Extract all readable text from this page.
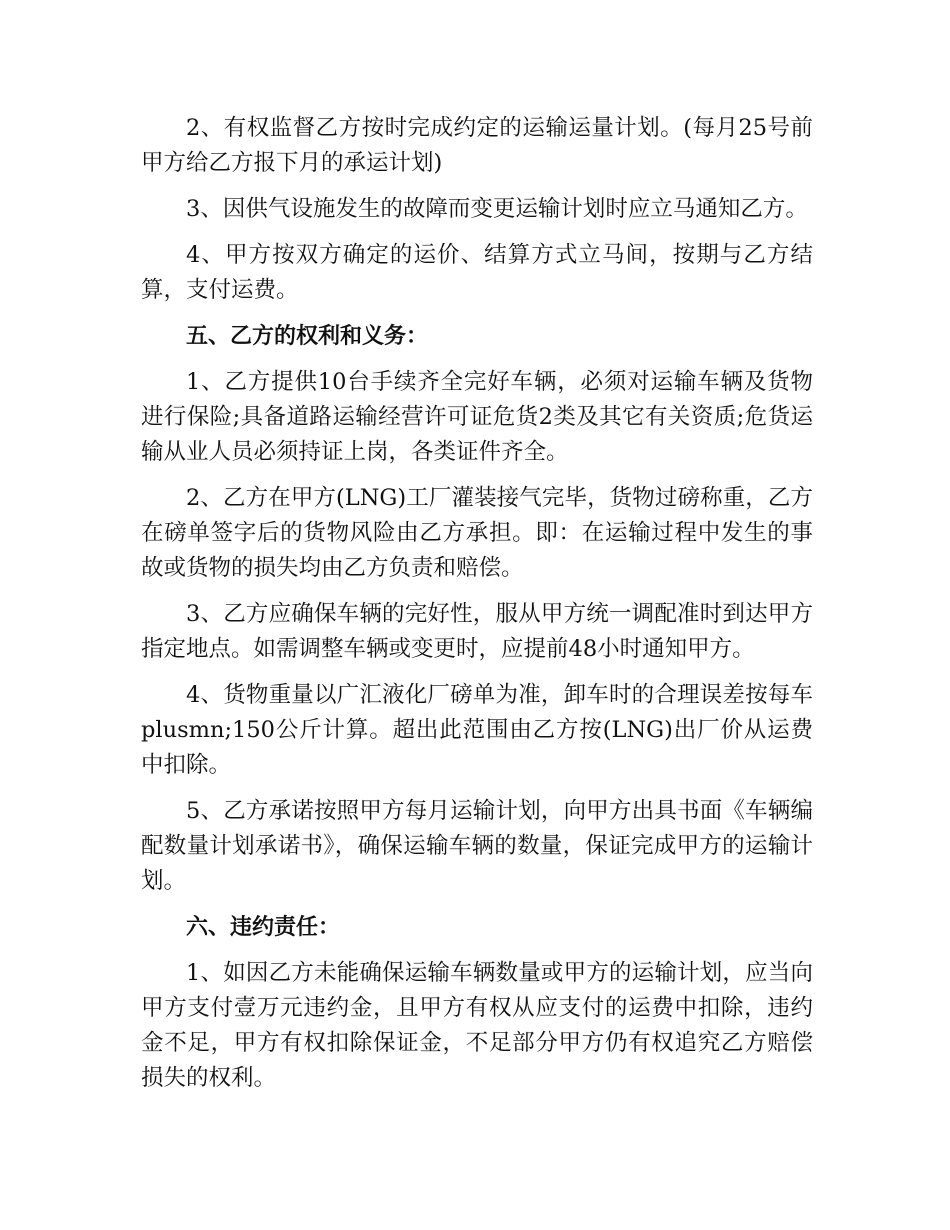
2、有权监督乙方按时完成约定的运输运量计划。(每月25号前甲方给乙方报下月的承运计划)

3、因供气设施发生的故障而变更运输计划时应立马通知乙方。

4、甲方按双方确定的运价、结算方式立马间，按期与乙方结算，支付运费。

五、乙方的权利和义务：

1、乙方提供10台手续齐全完好车辆，必须对运输车辆及货物进行保险;具备道路运输经营许可证危货2类及其它有关资质;危货运输从业人员必须持证上岗，各类证件齐全。

2、乙方在甲方(LNG)工厂灌装接气完毕，货物过磅称重，乙方在磅单签字后的货物风险由乙方承担。即：在运输过程中发生的事故或货物的损失均由乙方负责和赔偿。

3、乙方应确保车辆的完好性，服从甲方统一调配准时到达甲方指定地点。如需调整车辆或变更时，应提前48小时通知甲方。

4、货物重量以广汇液化厂磅单为准，卸车时的合理误差按每车plusmn;150公斤计算。超出此范围由乙方按(LNG)出厂价从运费中扣除。

5、乙方承诺按照甲方每月运输计划，向甲方出具书面《车辆编配数量计划承诺书》，确保运输车辆的数量，保证完成甲方的运输计划。

六、违约责任：

1、如因乙方未能确保运输车辆数量或甲方的运输计划，应当向甲方支付壹万元违约金，且甲方有权从应支付的运费中扣除，违约金不足，甲方有权扣除保证金，不足部分甲方仍有权追究乙方赔偿损失的权利。
